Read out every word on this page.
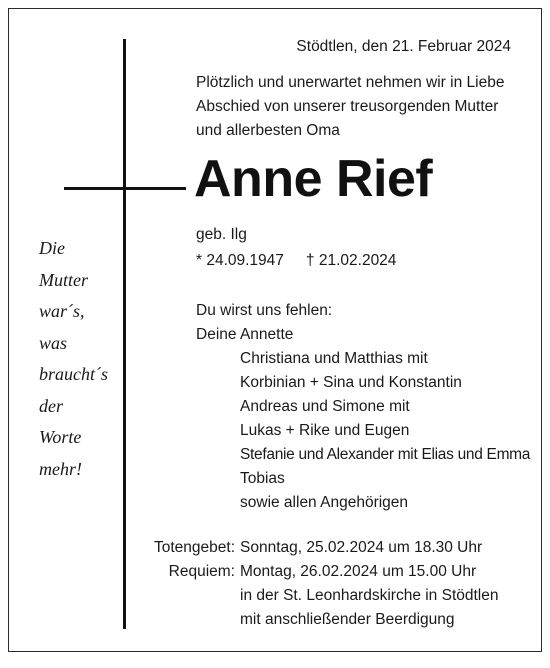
Die
Mutter
war´s,
was
braucht´s
der
Worte
mehr!
Stödtlen, den 21. Februar 2024
Plötzlich und unerwartet nehmen wir in Liebe
Abschied von unserer treusorgenden Mutter
und allerbesten Oma
Anne Rief
geb. Ilg
* 24.09.1947 † 21.02.2024
Du wirst uns fehlen:
Deine Annette
Christiana und Matthias mit
Korbinian + Sina und Konstantin
Andreas und Simone mit
Lukas + Rike und Eugen
Stefanie und Alexander mit Elias und Emma
Tobias
sowie allen Angehörigen
Totengebet: Sonntag, 25.02.2024 um 18.30 Uhr
Requiem: Montag, 26.02.2024 um 15.00 Uhr
in der St. Leonhardskirche in Stödtlen
mit anschließender Beerdigung
